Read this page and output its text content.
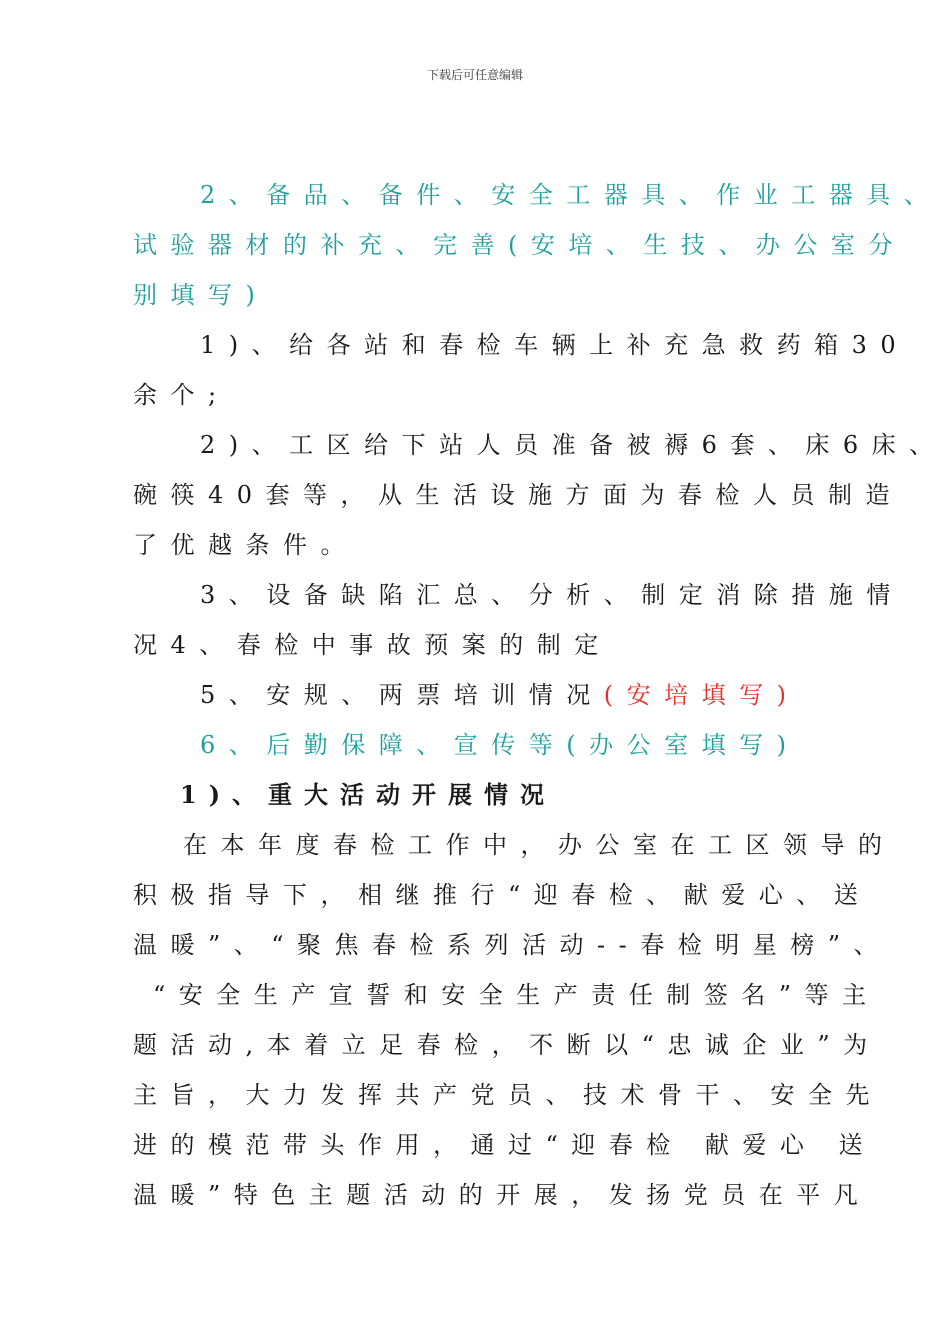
下载后可任意编辑
2、备品、备件、安全工器具、作业工器具、
试验器材的补充、完善(安培、生技、办公室分
别填写)
1)、给各站和春检车辆上补充急救药箱30
余个;
2)、工区给下站人员准备被褥6套、床6床、
碗筷40套等，从生活设施方面为春检人员制造
了优越条件。
3、设备缺陷汇总、分析、制定消除措施情
况4、春检中事故预案的制定
5、安规、两票培训情况(安培填写)
6、后勤保障、宣传等(办公室填写)
1)、重大活动开展情况
在本年度春检工作中，办公室在工区领导的
积极指导下，相继推行“迎春检、献爱心、送
温暖”、“聚焦春检系列活动--春检明星榜”、
“安全生产宣誓和安全生产责任制签名”等主
题活动,本着立足春检，不断以“忠诚企业”为
主旨，大力发挥共产党员、技术骨干、安全先
进的模范带头作用，通过“迎春检 献爱心 送
温暖”特色主题活动的开展，发扬党员在平凡
